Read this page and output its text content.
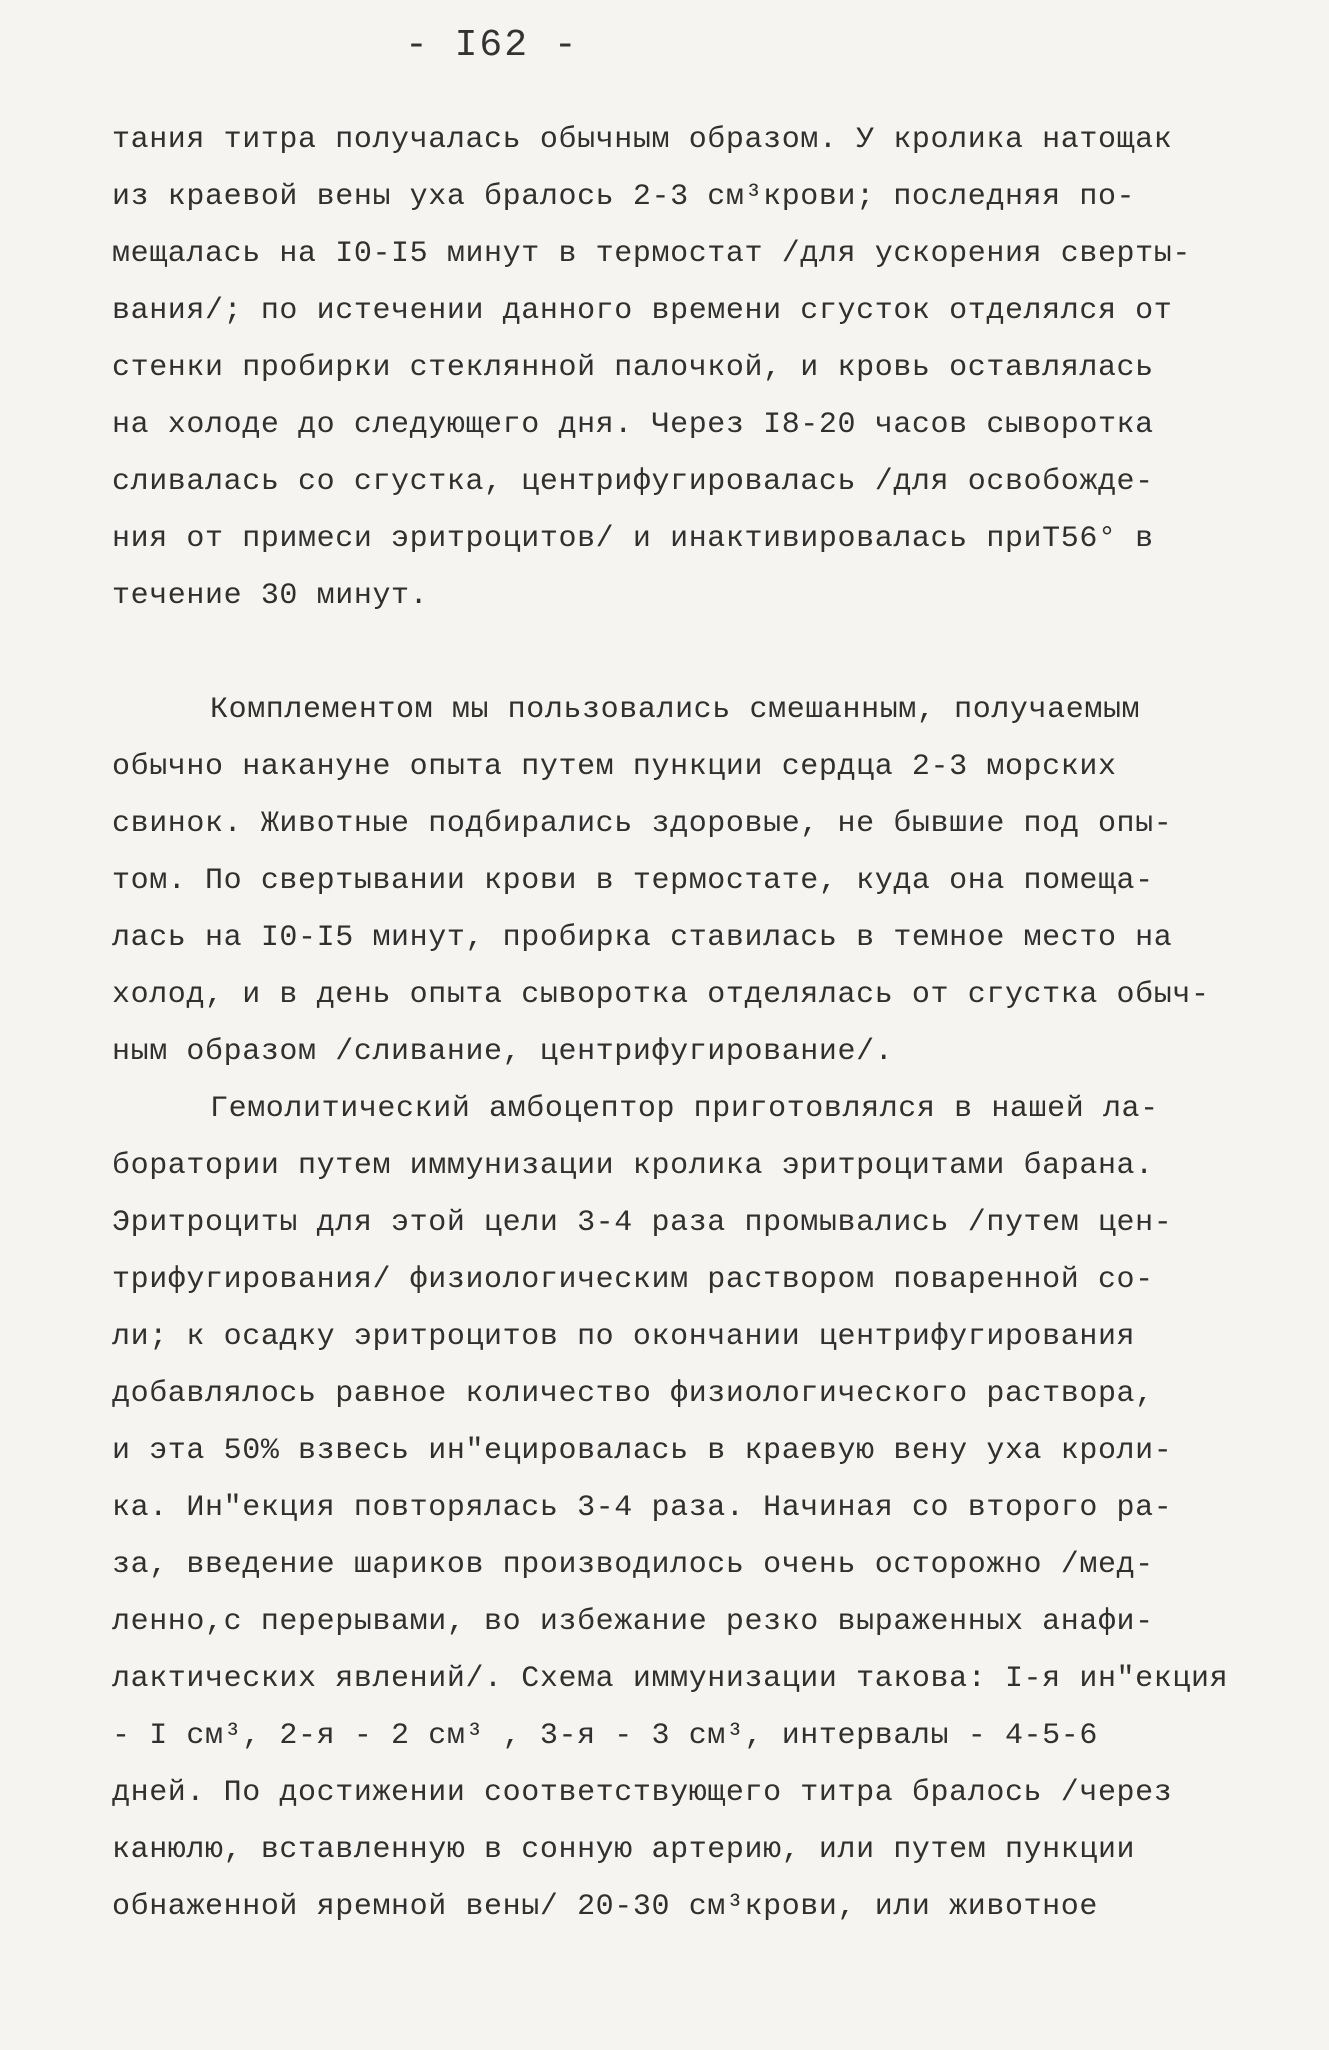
- I62 -
тания титра получалась обычным образом. У кролика натощак
из краевой вены уха бралось 2-3 см³крови; последняя по-
мещалась на I0-I5 минут в термостат /для ускорения сверты-
вания/; по истечении данного времени сгусток отделялся от
стенки пробирки стеклянной палочкой, и кровь оставлялась
на холоде до следующего дня. Через I8-20 часов сыворотка
сливалась со сгустка, центрифугировалась /для освобожде-
ния от примеси эритроцитов/ и инактивировалась приТ56° в
течение 30 минут.
Комплементом мы пользовались смешанным, получаемым
обычно накануне опыта путем пункции сердца 2-3 морских
свинок. Животные подбирались здоровые, не бывшие под опы-
том. По свертывании крови в термостате, куда она помеща-
лась на I0-I5 минут, пробирка ставилась в темное место на
холод, и в день опыта сыворотка отделялась от сгустка обыч-
ным образом /сливание, центрифугирование/.
Гемолитический амбоцептор приготовлялся в нашей ла-
боратории путем иммунизации кролика эритроцитами барана.
Эритроциты для этой цели 3-4 раза промывались /путем цен-
трифугирования/ физиологическим раствором поваренной со-
ли; к осадку эритроцитов по окончании центрифугирования
добавлялось равное количество физиологического раствора,
и эта 50% взвесь ин"ецировалась в краевую вену уха кроли-
ка. Ин"екция повторялась 3-4 раза. Начиная со второго ра-
за, введение шариков производилось очень осторожно /мед-
ленно,с перерывами, во избежание резко выраженных анафи-
лактических явлений/. Схема иммунизации такова: I-я ин"екция
- I см³, 2-я - 2 см³ , 3-я - 3 см³, интервалы - 4-5-6
дней. По достижении соответствующего титра бралось /через
канюлю, вставленную в сонную артерию, или путем пункции
обнаженной яремной вены/ 20-30 см³крови, или животное
